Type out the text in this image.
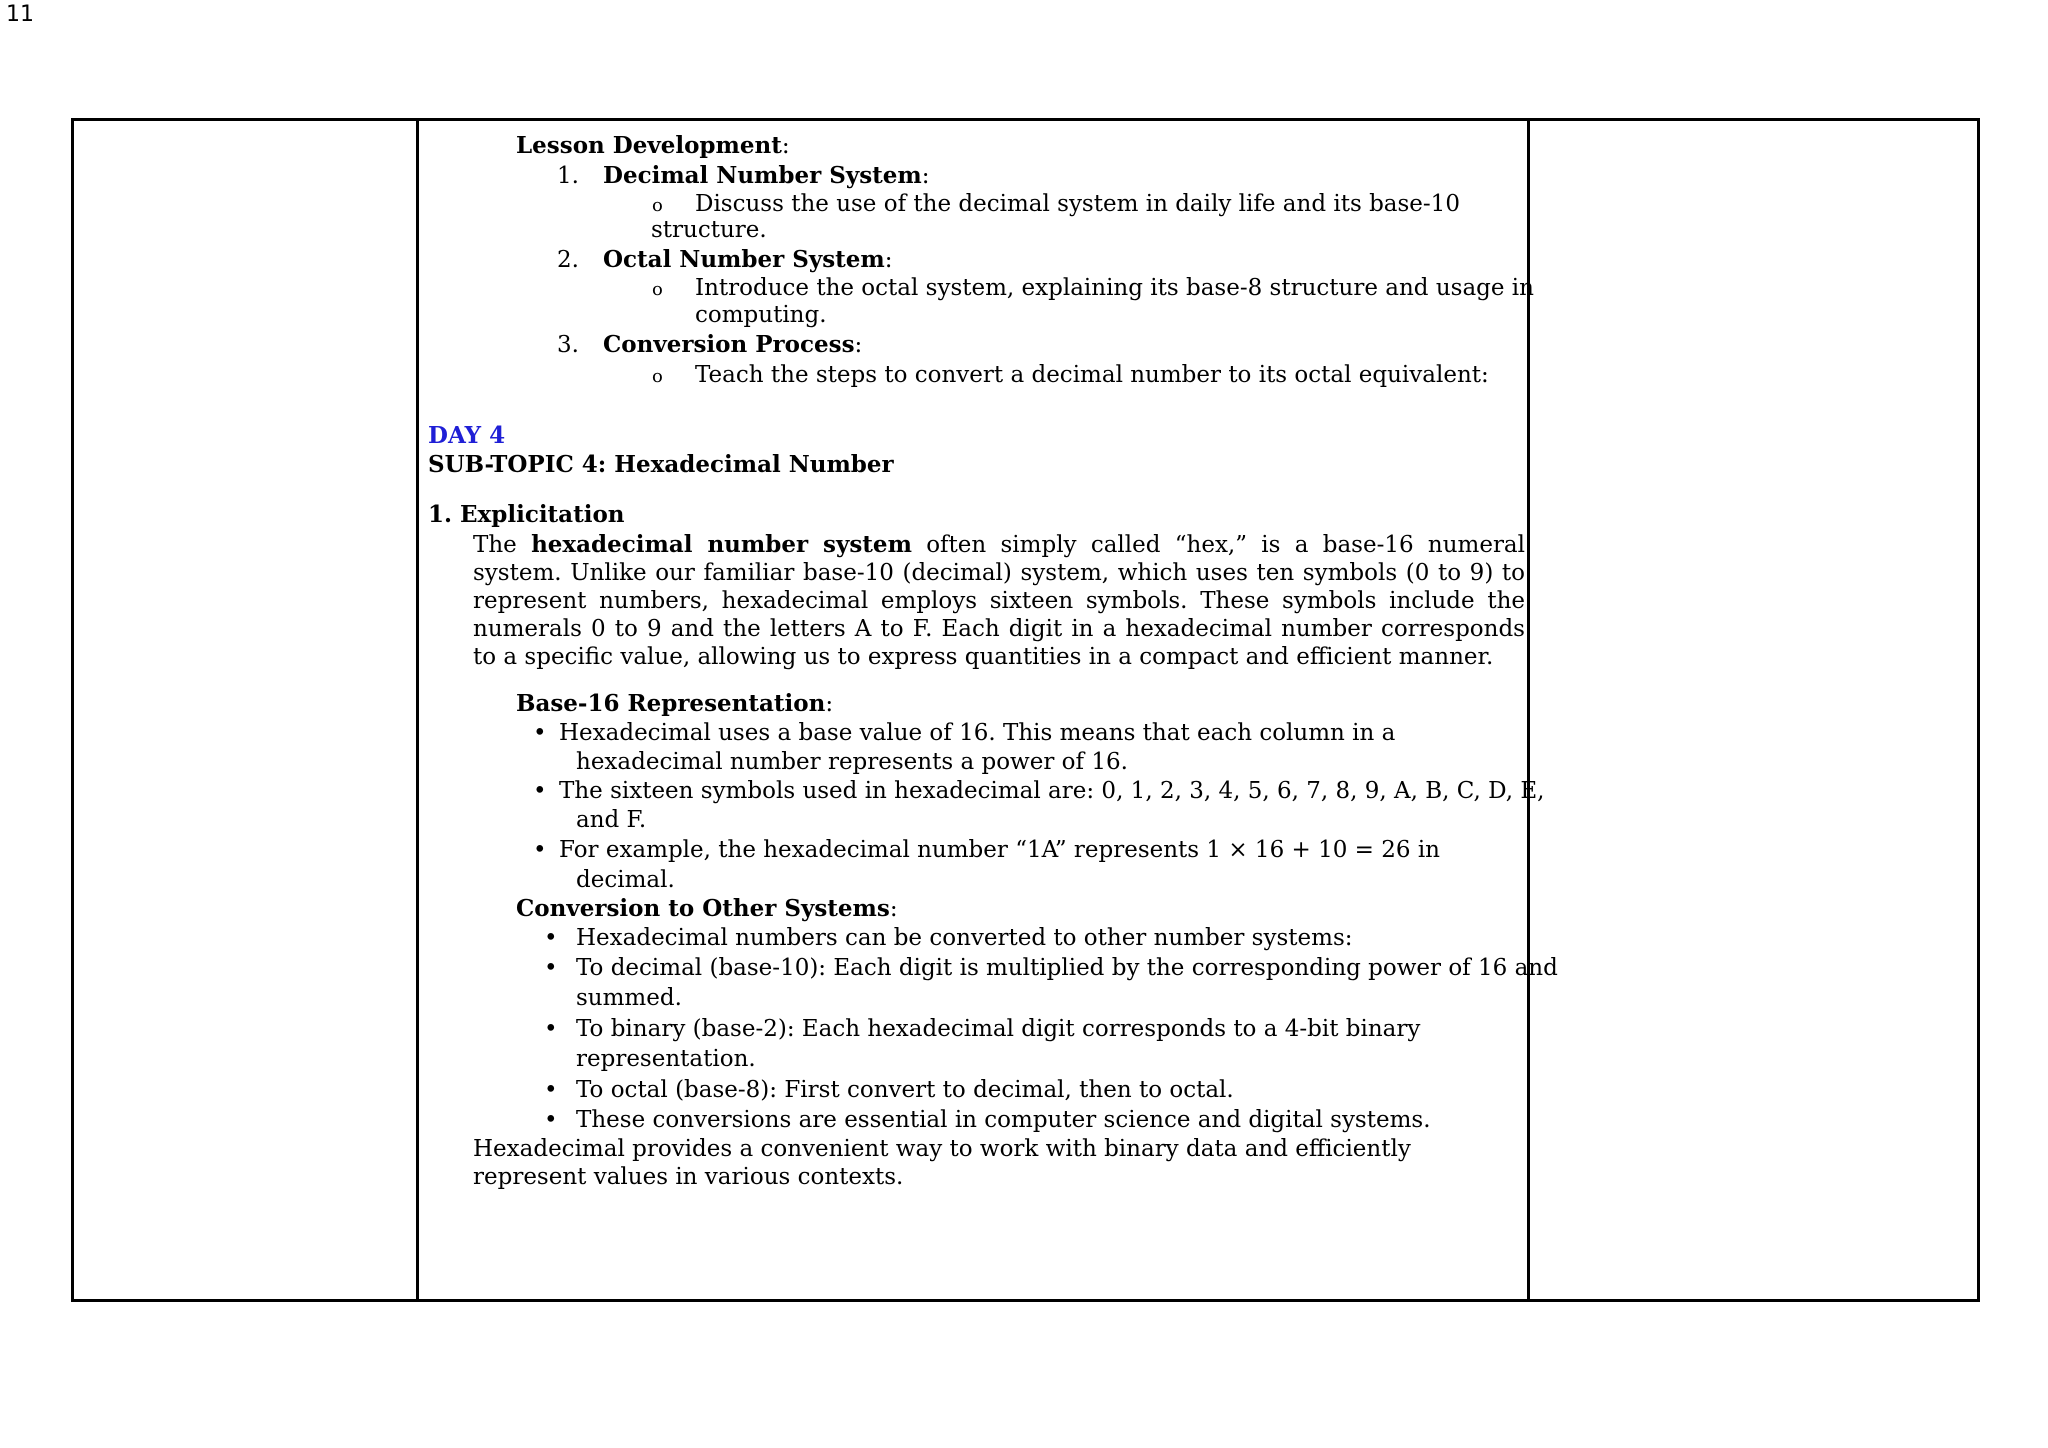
11
Lesson Development:
1. Decimal Number System:
o Discuss the use of the decimal system in daily life and its base-10
structure.
2. Octal Number System:
o Introduce the octal system, explaining its base-8 structure and usage in
computing.
3. Conversion Process:
o Teach the steps to convert a decimal number to its octal equivalent:
DAY 4
SUB-TOPIC 4: Hexadecimal Number
1. Explicitation
The hexadecimal number system often simply called “hex,” is a base-16 numeral system. Unlike our familiar base-10 (decimal) system, which uses ten symbols (0 to 9) to represent numbers, hexadecimal employs sixteen symbols. These symbols include the numerals 0 to 9 and the letters A to F. Each digit in a hexadecimal number corresponds to a specific value, allowing us to express quantities in a compact and efficient manner.
Base-16 Representation:
• Hexadecimal uses a base value of 16. This means that each column in a
hexadecimal number represents a power of 16.
• The sixteen symbols used in hexadecimal are: 0, 1, 2, 3, 4, 5, 6, 7, 8, 9, A, B, C, D, E,
and F.
• For example, the hexadecimal number “1A” represents 1 × 16 + 10 = 26 in
decimal.
Conversion to Other Systems:
• Hexadecimal numbers can be converted to other number systems:
• To decimal (base-10): Each digit is multiplied by the corresponding power of 16 and
summed.
• To binary (base-2): Each hexadecimal digit corresponds to a 4-bit binary
representation.
• To octal (base-8): First convert to decimal, then to octal.
• These conversions are essential in computer science and digital systems.
Hexadecimal provides a convenient way to work with binary data and efficiently
represent values in various contexts.
